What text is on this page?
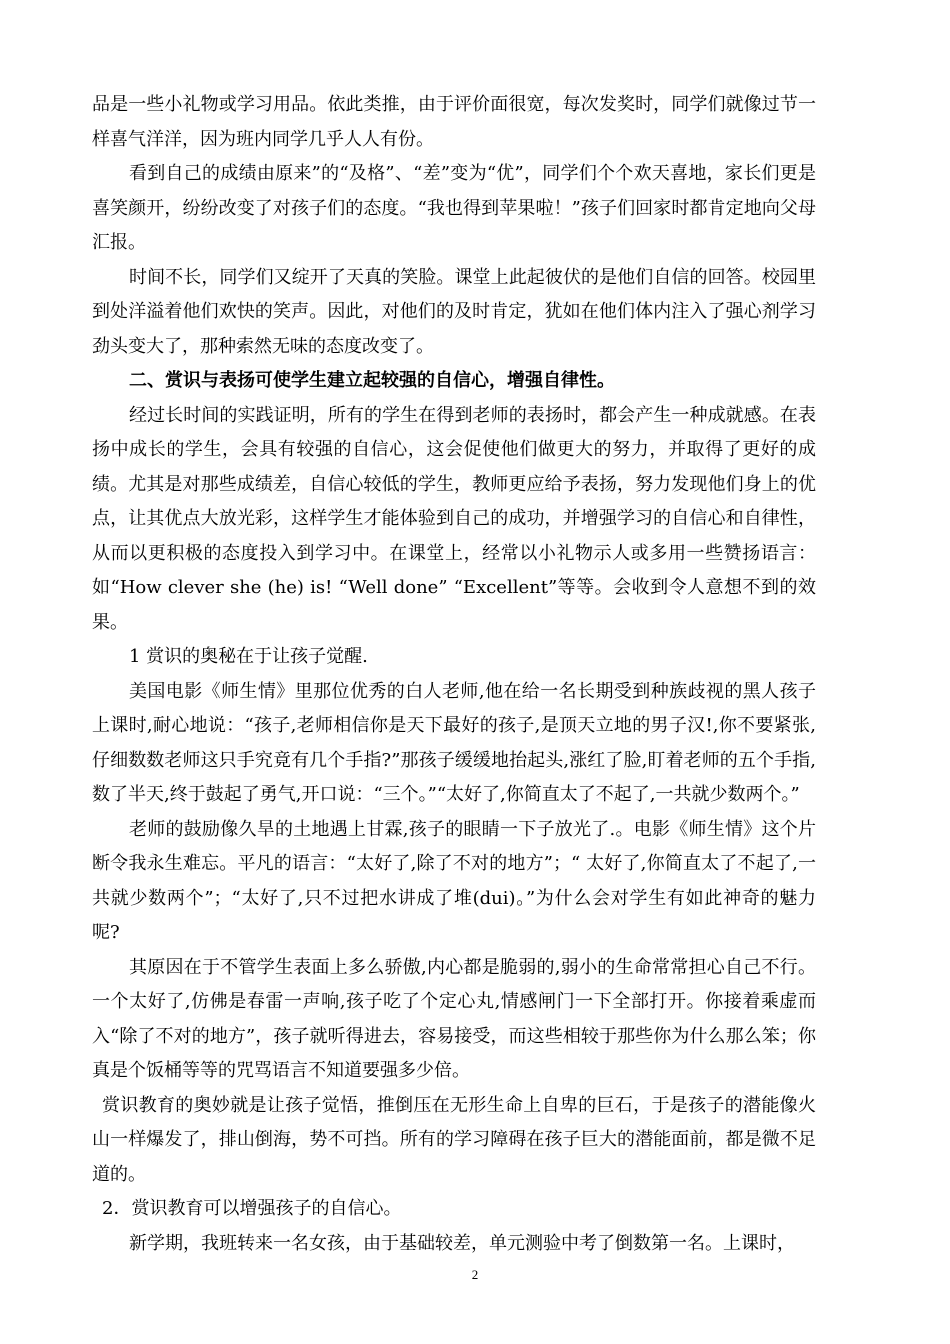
品是一些小礼物或学习用品。依此类推，由于评价面很宽，每次发奖时，同学们就像过节一样喜气洋洋，因为班内同学几乎人人有份。

看到自己的成绩由原来”的“及格”、“差”变为“优”，同学们个个欢天喜地，家长们更是喜笑颜开，纷纷改变了对孩子们的态度。“我也得到苹果啦！”孩子们回家时都肯定地向父母汇报。

时间不长，同学们又绽开了天真的笑脸。课堂上此起彼伏的是他们自信的回答。校园里到处洋溢着他们欢快的笑声。因此，对他们的及时肯定，犹如在他们体内注入了强心剂学习劲头变大了，那种索然无味的态度改变了。

二、赏识与表扬可使学生建立起较强的自信心，增强自律性。

经过长时间的实践证明，所有的学生在得到老师的表扬时，都会产生一种成就感。在表扬中成长的学生，会具有较强的自信心，这会促使他们做更大的努力，并取得了更好的成绩。尤其是对那些成绩差，自信心较低的学生，教师更应给予表扬，努力发现他们身上的优点，让其优点大放光彩，这样学生才能体验到自己的成功，并增强学习的自信心和自律性，从而以更积极的态度投入到学习中。在课堂上，经常以小礼物示人或多用一些赞扬语言：如“How clever she (he) is! “Well done” “Excellent”等等。会收到令人意想不到的效果。

1 赏识的奥秘在于让孩子觉醒.

美国电影《师生情》里那位优秀的白人老师,他在给一名长期受到种族歧视的黑人孩子上课时,耐心地说：“孩子,老师相信你是天下最好的孩子,是顶天立地的男子汉!,你不要紧张,仔细数数老师这只手究竟有几个手指?”那孩子缓缓地抬起头,涨红了脸,盯着老师的五个手指,数了半天,终于鼓起了勇气,开口说：“三个。”“太好了,你简直太了不起了,一共就少数两个。”

老师的鼓励像久旱的土地遇上甘霖,孩子的眼睛一下子放光了.。电影《师生情》这个片断令我永生难忘。平凡的语言：“太好了,除了不对的地方”；“ 太好了,你简直太了不起了,一共就少数两个”；“太好了,只不过把水讲成了堆(dui)。”为什么会对学生有如此神奇的魅力呢?

其原因在于不管学生表面上多么骄傲,内心都是脆弱的,弱小的生命常常担心自己不行。一个太好了,仿佛是春雷一声响,孩子吃了个定心丸,情感闸门一下全部打开。你接着乘虚而入“除了不对的地方”，孩子就听得进去，容易接受，而这些相较于那些你为什么那么笨；你真是个饭桶等等的咒骂语言不知道要强多少倍。

赏识教育的奥妙就是让孩子觉悟，推倒压在无形生命上自卑的巨石，于是孩子的潜能像火山一样爆发了，排山倒海，势不可挡。所有的学习障碍在孩子巨大的潜能面前，都是微不足道的。

2．赏识教育可以增强孩子的自信心。

新学期，我班转来一名女孩，由于基础较差，单元测验中考了倒数第一名。上课时，

2
